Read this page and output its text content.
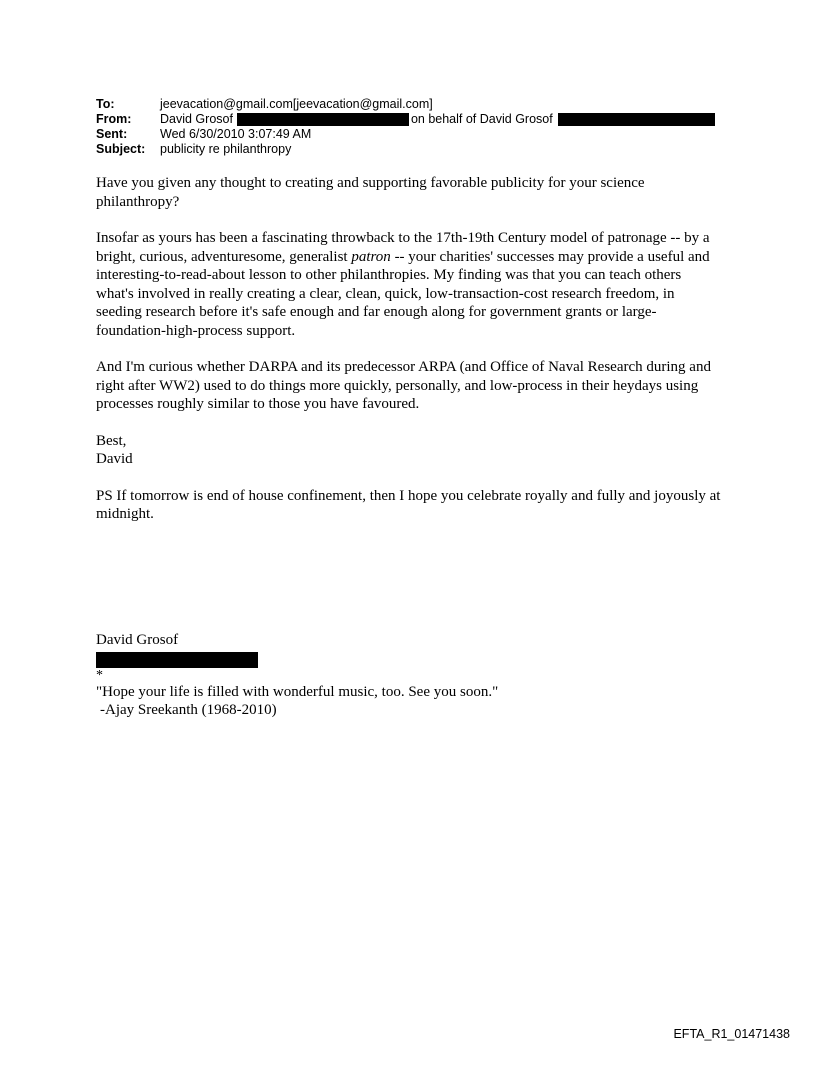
To:	jeevacation@gmail.com[jeevacation@gmail.com]
From:	David Grosof	on behalf of David Grosof
Sent:	Wed 6/30/2010 3:07:49 AM
Subject:	publicity re philanthropy

Have you given any thought to creating and supporting favorable publicity for your science philanthropy?

Insofar as yours has been a fascinating throwback to the 17th-19th Century model of patronage -- by a bright, curious, adventuresome, generalist patron -- your charities' successes may provide a useful and interesting-to-read-about lesson to other philanthropies. My finding was that you can teach others what's involved in really creating a clear, clean, quick, low-transaction-cost research freedom, in seeding research before it's safe enough and far enough along for government grants or large-foundation-high-process support.

And I'm curious whether DARPA and its predecessor ARPA (and Office of Naval Research during and right after WW2) used to do things more quickly, personally, and low-process in their heydays using processes roughly similar to those you have favoured.

Best,
David

PS If tomorrow is end of house confinement, then I hope you celebrate royally and fully and joyously at midnight.

David Grosof
*
"Hope your life is filled with wonderful music, too. See you soon."
-Ajay Sreekanth (1968-2010)
EFTA_R1_01471438
